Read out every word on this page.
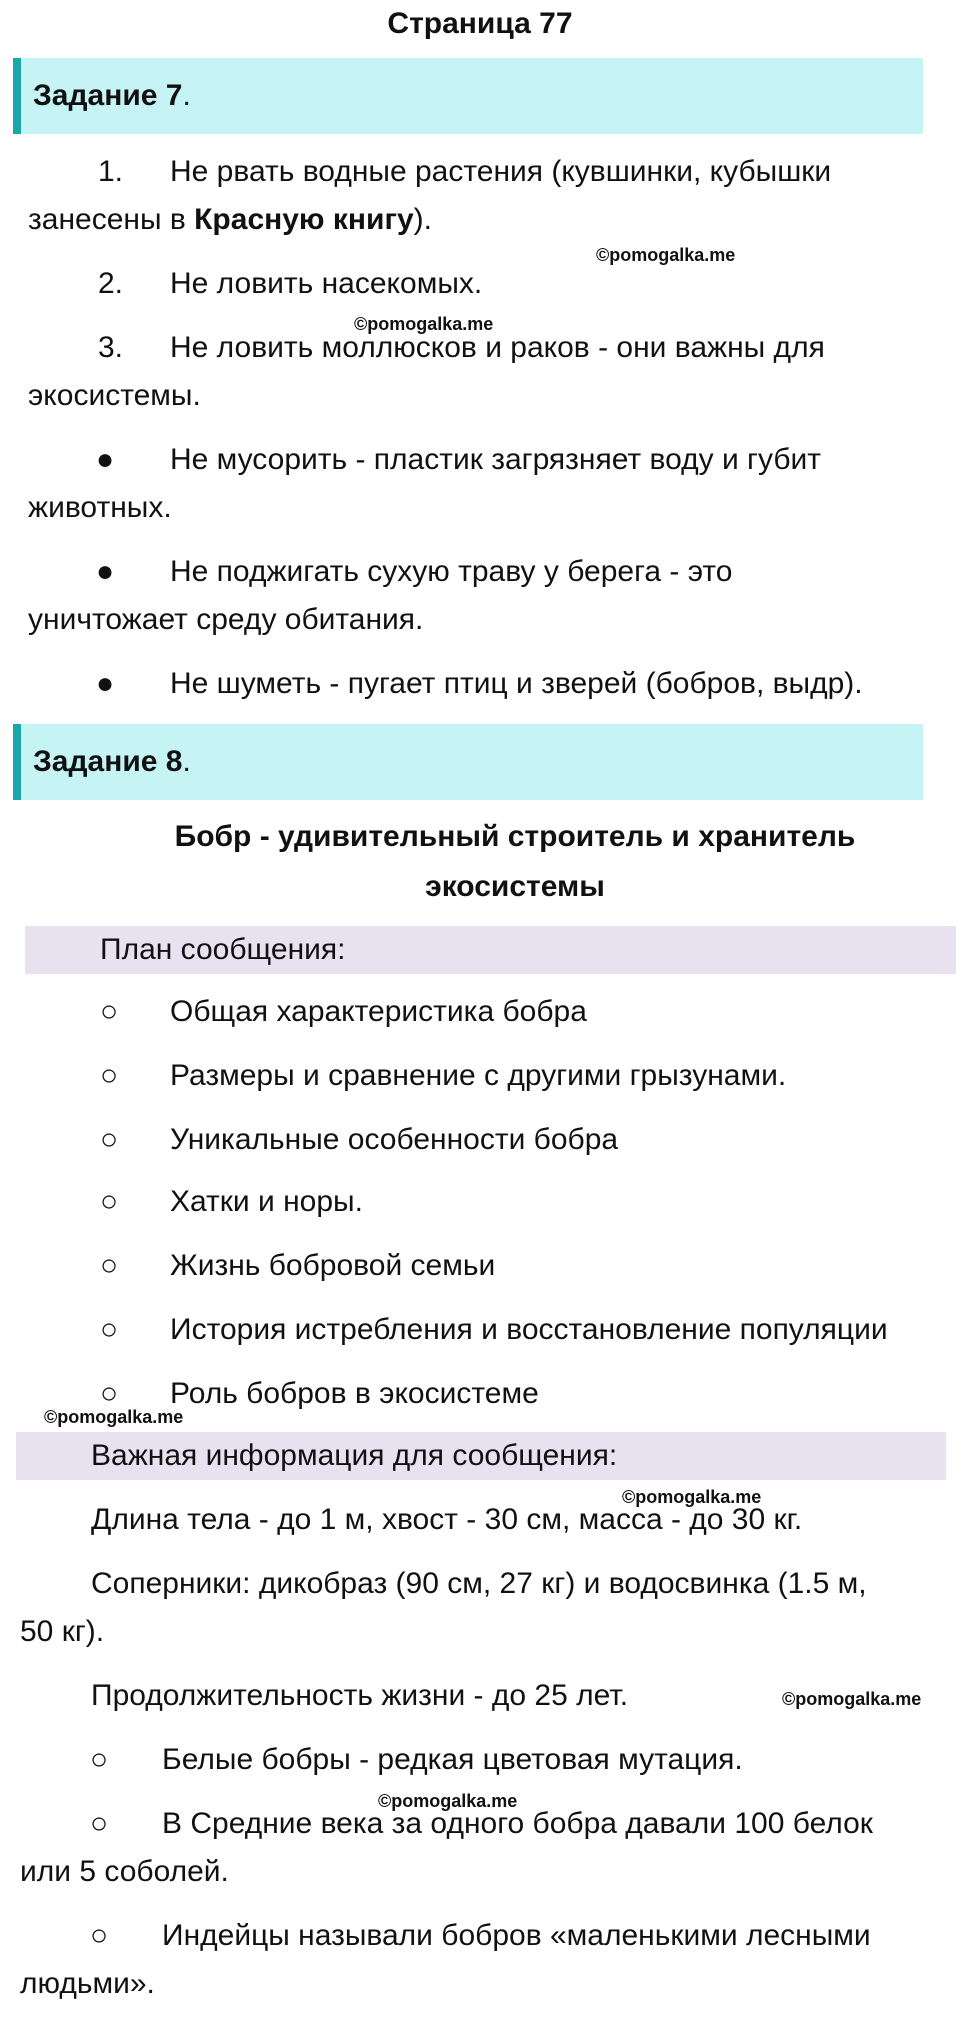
Страница 77
Задание 7.
1. Не рвать водные растения (кувшинки, кубышки
занесены в Красную книгу).
©pomogalka.me
2. Не ловить насекомых.
©pomogalka.me
3. Не ловить моллюсков и раков - они важны для
экосистемы.
● Не мусорить - пластик загрязняет воду и губит
животных.
● Не поджигать сухую траву у берега - это
уничтожает среду обитания.
● Не шуметь - пугает птиц и зверей (бобров, выдр).
Задание 8.
Бобр - удивительный строитель и хранитель
экосистемы
План сообщения:
○ Общая характеристика бобра
○ Размеры и сравнение с другими грызунами.
○ Уникальные особенности бобра
○ Хатки и норы.
○ Жизнь бобровой семьи
○ История истребления и восстановление популяции
○ Роль бобров в экосистеме
©pomogalka.me
Важная информация для сообщения:
©pomogalka.me
Длина тела - до 1 м, хвост - 30 см, масса - до 30 кг.
Соперники: дикобраз (90 см, 27 кг) и водосвинка (1.5 м,
50 кг).
Продолжительность жизни - до 25 лет.	©pomogalka.me
○ Белые бобры - редкая цветовая мутация.
©pomogalka.me
○ В Средние века за одного бобра давали 100 белок
или 5 соболей.
○ Индейцы называли бобров «маленькими лесными
людьми».
